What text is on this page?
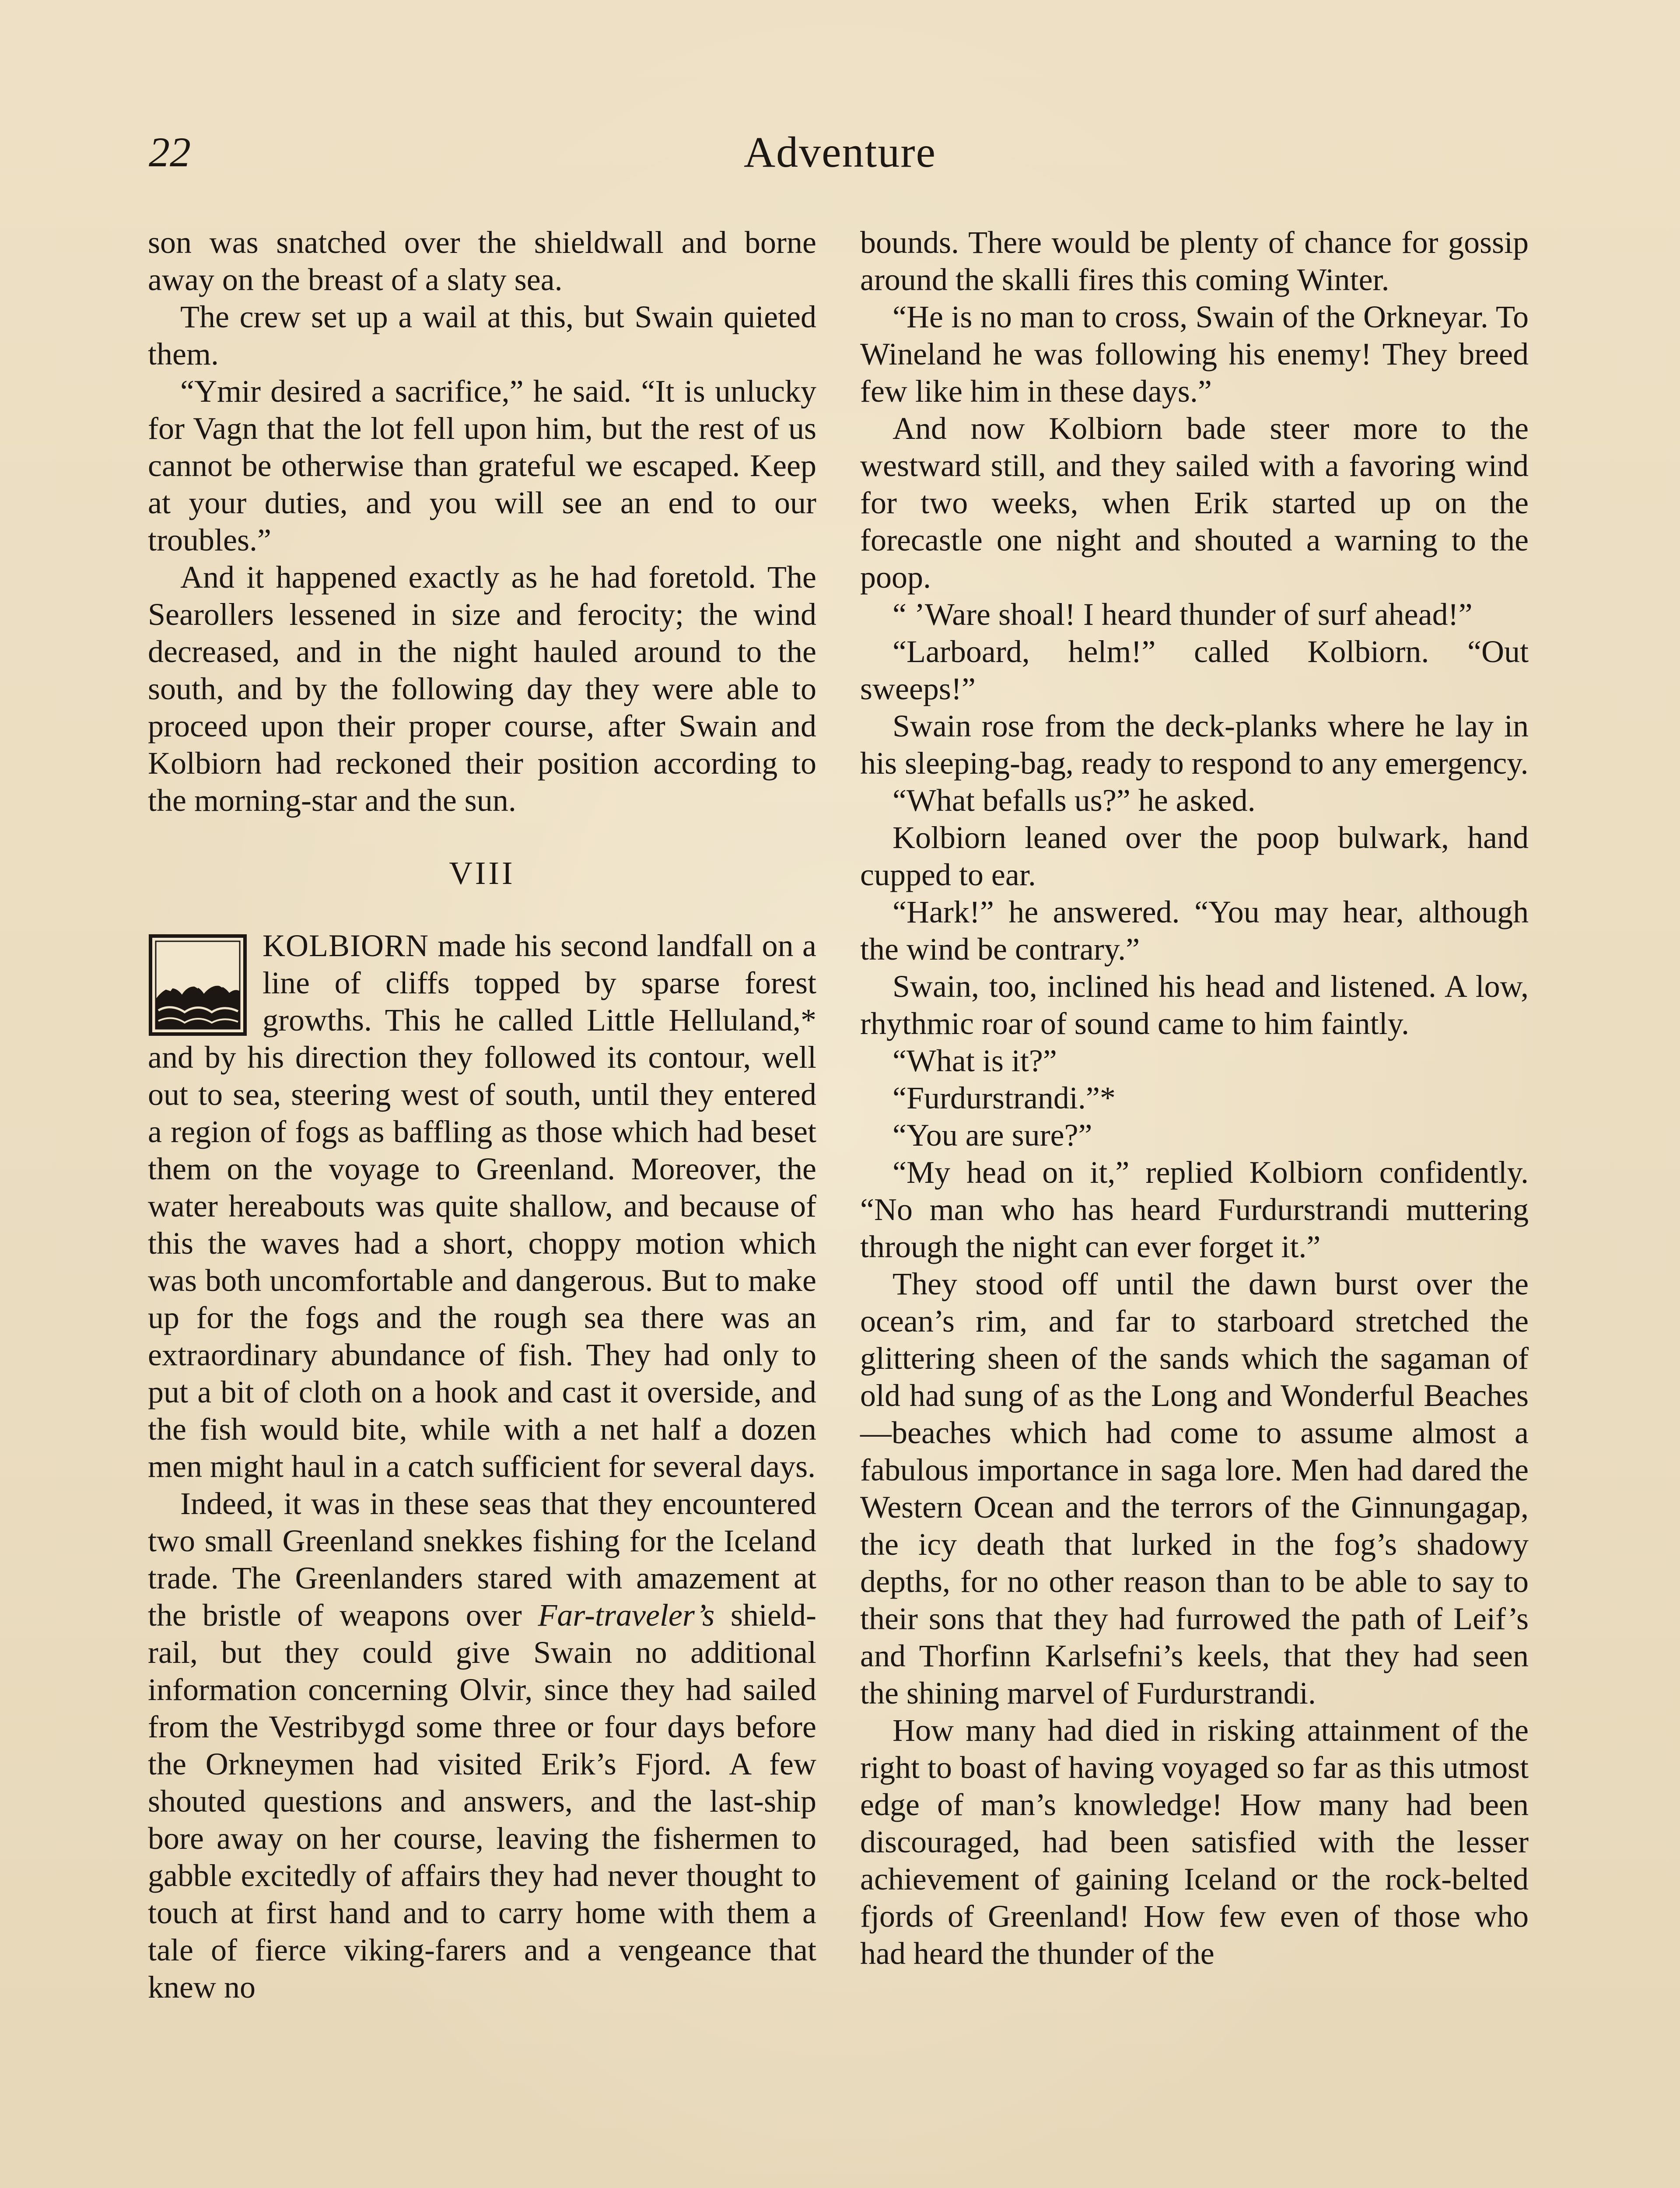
22	Adventure

son was snatched over the shieldwall and borne away on the breast of a slaty sea.

The crew set up a wail at this, but Swain quieted them.

“Ymir desired a sacrifice,” he said. “It is unlucky for Vagn that the lot fell upon him, but the rest of us cannot be otherwise than grateful we escaped. Keep at your duties, and you will see an end to our troubles.”

And it happened exactly as he had foretold. The Searollers lessened in size and ferocity; the wind decreased, and in the night hauled around to the south, and by the following day they were able to proceed upon their proper course, after Swain and Kolbiorn had reckoned their position according to the morning-star and the sun.

VIII

KOLBIORN made his second landfall on a line of cliffs topped by sparse forest growths. This he called Little Helluland,* and by his direction they followed its contour, well out to sea, steering west of south, until they entered a region of fogs as baffling as those which had beset them on the voyage to Greenland. Moreover, the water hereabouts was quite shallow, and because of this the waves had a short, choppy motion which was both uncomfortable and dangerous. But to make up for the fogs and the rough sea there was an extraordinary abundance of fish. They had only to put a bit of cloth on a hook and cast it overside, and the fish would bite, while with a net half a dozen men might haul in a catch sufficient for several days.

Indeed, it was in these seas that they encountered two small Greenland snekkes fishing for the Iceland trade. The Greenlanders stared with amazement at the bristle of weapons over Far-traveler’s shield-rail, but they could give Swain no additional information concerning Olvir, since they had sailed from the Vestribygd some three or four days before the Orkneymen had visited Erik’s Fjord. A few shouted questions and answers, and the last-ship bore away on her course, leaving the fishermen to gabble excitedly of affairs they had never thought to touch at first hand and to carry home with them a tale of fierce viking-farers and a vengeance that knew no

bounds. There would be plenty of chance for gossip around the skalli fires this coming Winter.

“He is no man to cross, Swain of the Orkneyar. To Wineland he was following his enemy! They breed few like him in these days.”

And now Kolbiorn bade steer more to the westward still, and they sailed with a favoring wind for two weeks, when Erik started up on the forecastle one night and shouted a warning to the poop.

“ ’Ware shoal! I heard thunder of surf ahead!”

“Larboard, helm!” called Kolbiorn. “Out sweeps!”

Swain rose from the deck-planks where he lay in his sleeping-bag, ready to respond to any emergency.

“What befalls us?” he asked.

Kolbiorn leaned over the poop bulwark, hand cupped to ear.

“Hark!” he answered. “You may hear, although the wind be contrary.”

Swain, too, inclined his head and listened. A low, rhythmic roar of sound came to him faintly.

“What is it?”

“Furdurstrandi.”*

“You are sure?”

“My head on it,” replied Kolbiorn confidently. “No man who has heard Furdurstrandi muttering through the night can ever forget it.”

They stood off until the dawn burst over the ocean’s rim, and far to starboard stretched the glittering sheen of the sands which the sagaman of old had sung of as the Long and Wonderful Beaches—beaches which had come to assume almost a fabulous importance in saga lore. Men had dared the Western Ocean and the terrors of the Ginnungagap, the icy death that lurked in the fog’s shadowy depths, for no other reason than to be able to say to their sons that they had furrowed the path of Leif’s and Thorfinn Karlsefni’s keels, that they had seen the shining marvel of Furdurstrandi.

How many had died in risking attainment of the right to boast of having voyaged so far as this utmost edge of man’s knowledge! How many had been discouraged, had been satisfied with the lesser achievement of gaining Iceland or the rock-belted fjords of Greenland! How few even of those who had heard the thunder of the
